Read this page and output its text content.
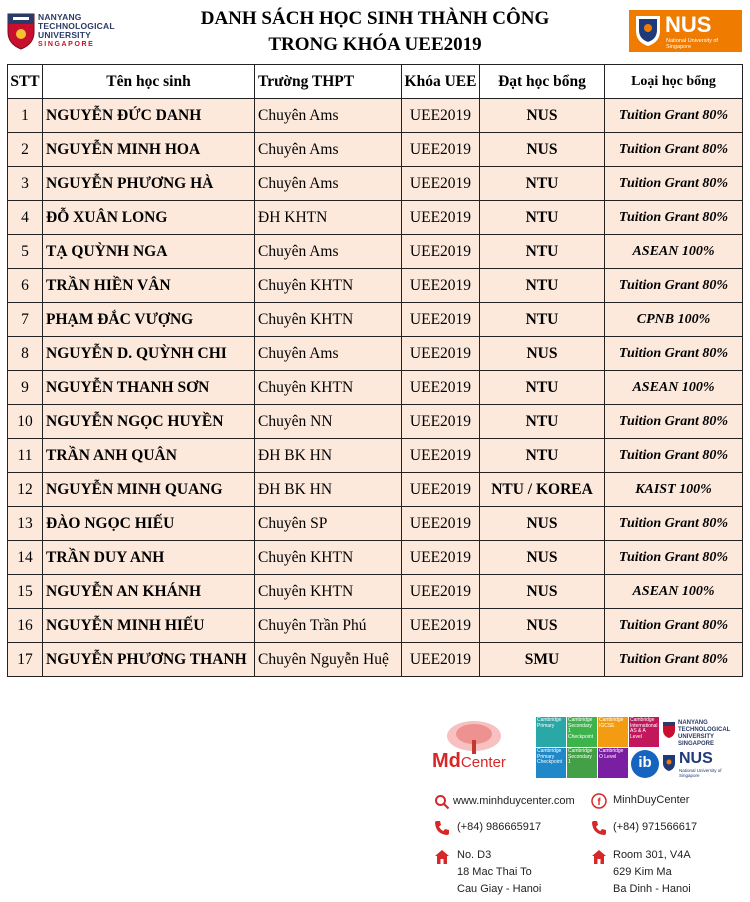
NANYANG
TECHNOLOGICAL
UNIVERSITY
SINGAPORE
DANH SÁCH HỌC SINH THÀNH CÔNG
TRONG KHÓA UEE2019
NUS
National University of Singapore
STT	Tên học sinh	Trường THPT	Khóa UEE	Đạt học bổng	Loại học bổng
1	NGUYỄN ĐỨC DANH	Chuyên Ams	UEE2019	NUS	Tuition Grant 80%
2	NGUYỄN MINH HOA	Chuyên Ams	UEE2019	NUS	Tuition Grant 80%
3	NGUYỄN PHƯƠNG HÀ	Chuyên Ams	UEE2019	NTU	Tuition Grant 80%
4	ĐỖ XUÂN LONG	ĐH KHTN	UEE2019	NTU	Tuition Grant 80%
5	TẠ QUỲNH NGA	Chuyên Ams	UEE2019	NTU	ASEAN 100%
6	TRẦN HIỀN VÂN	Chuyên KHTN	UEE2019	NTU	Tuition Grant 80%
7	PHẠM ĐẮC VƯỢNG	Chuyên KHTN	UEE2019	NTU	CPNB 100%
8	NGUYỄN D. QUỲNH CHI	Chuyên Ams	UEE2019	NUS	Tuition Grant 80%
9	NGUYỄN THANH SƠN	Chuyên KHTN	UEE2019	NTU	ASEAN 100%
10	NGUYỄN NGỌC HUYỀN	Chuyên NN	UEE2019	NTU	Tuition Grant 80%
11	TRẦN ANH QUÂN	ĐH BK HN	UEE2019	NTU	Tuition Grant 80%
12	NGUYỄN MINH QUANG	ĐH BK HN	UEE2019	NTU / KOREA	KAIST 100%
13	ĐÀO NGỌC HIẾU	Chuyên SP	UEE2019	NUS	Tuition Grant 80%
14	TRẦN DUY ANH	Chuyên KHTN	UEE2019	NUS	Tuition Grant 80%
15	NGUYỄN AN KHÁNH	Chuyên KHTN	UEE2019	NUS	ASEAN 100%
16	NGUYỄN MINH HIẾU	Chuyên Trần Phú	UEE2019	NUS	Tuition Grant 80%
17	NGUYỄN PHƯƠNG THANH	Chuyên Nguyễn Huệ	UEE2019	SMU	Tuition Grant 80%
MdCenter
Cambridge Primary
Cambridge Secondary 1 Checkpoint
Cambridge IGCSE
Cambridge International AS & A Level
Cambridge Primary Checkpoint
Cambridge Secondary 1
Cambridge O Level	ib
NANYANG TECHNOLOGICAL UNIVERSITY SINGAPORE
NUS
National University of Singapore
www.minhduycenter.com f MinhDuyCenter
(+84) 986665917	(+84) 971566617
No. D3
18 Mac Thai To
Cau Giay - Hanoi
Room 301, V4A
629 Kim Ma
Ba Dinh - Hanoi
